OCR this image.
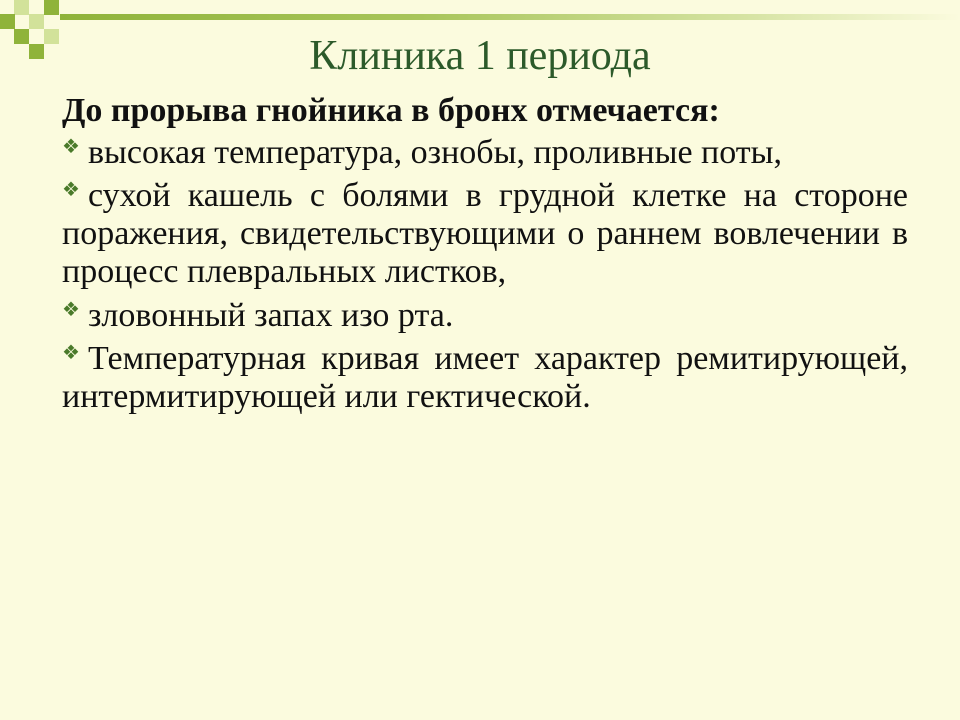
Клиника 1 периода

До прорыва гнойника в бронх отмечается:

❖ высокая температура, ознобы, проливные поты,

❖ сухой кашель с болями в грудной клетке на стороне поражения, свидетельствующими о раннем вовлечении в процесс плевральных листков,

❖ зловонный запах изо рта.

❖ Температурная кривая имеет характер ремитирующей, интермитирующей или гектической.
